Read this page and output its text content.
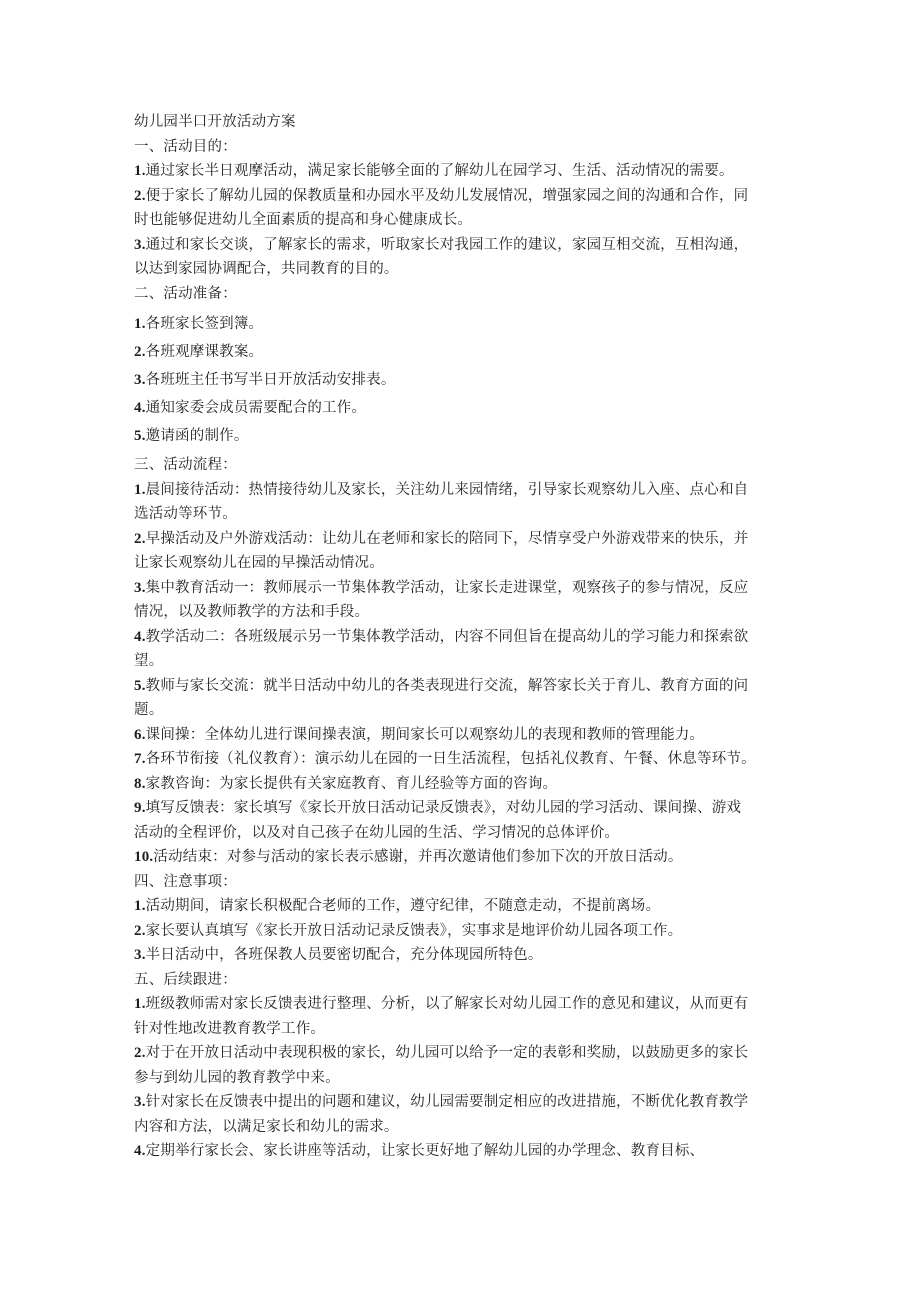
幼儿园半口开放活动方案
一、活动目的：
1.通过家长半日观摩活动，满足家长能够全面的了解幼儿在园学习、生活、活动情况的需要。
2.便于家长了解幼儿园的保教质量和办园水平及幼儿发展情况，增强家园之间的沟通和合作，同
时也能够促进幼儿全面素质的提高和身心健康成长。
3.通过和家长交谈，了解家长的需求，听取家长对我园工作的建议，家园互相交流，互相沟通，
以达到家园协调配合，共同教育的目的。
二、活动准备：
1.各班家长签到簿。
2.各班观摩课教案。
3.各班班主任书写半日开放活动安排表。
4.通知家委会成员需要配合的工作。
5.邀请函的制作。
三、活动流程：
1.晨间接待活动：热情接待幼儿及家长，关注幼儿来园情绪，引导家长观察幼儿入座、点心和自
选活动等环节。
2.早操活动及户外游戏活动：让幼儿在老师和家长的陪同下，尽情享受户外游戏带来的快乐，并
让家长观察幼儿在园的早操活动情况。
3.集中教育活动一：教师展示一节集体教学活动，让家长走进课堂，观察孩子的参与情况，反应
情况，以及教师教学的方法和手段。
4.教学活动二：各班级展示另一节集体教学活动，内容不同但旨在提高幼儿的学习能力和探索欲
望。
5.教师与家长交流：就半日活动中幼儿的各类表现进行交流，解答家长关于育儿、教育方面的问
题。
6.课间操：全体幼儿进行课间操表演，期间家长可以观察幼儿的表现和教师的管理能力。
7.各环节衔接（礼仪教育）：演示幼儿在园的一日生活流程，包括礼仪教育、午餐、休息等环节。
8.家教咨询：为家长提供有关家庭教育、育儿经验等方面的咨询。
9.填写反馈表：家长填写《家长开放日活动记录反馈表》，对幼儿园的学习活动、课间操、游戏
活动的全程评价，以及对自己孩子在幼儿园的生活、学习情况的总体评价。
10.活动结束：对参与活动的家长表示感谢，并再次邀请他们参加下次的开放日活动。
四、注意事项：
1.活动期间，请家长积极配合老师的工作，遵守纪律，不随意走动，不提前离场。
2.家长要认真填写《家长开放日活动记录反馈表》，实事求是地评价幼儿园各项工作。
3.半日活动中，各班保教人员要密切配合，充分体现园所特色。
五、后续跟进：
1.班级教师需对家长反馈表进行整理、分析，以了解家长对幼儿园工作的意见和建议，从而更有
针对性地改进教育教学工作。
2.对于在开放日活动中表现积极的家长，幼儿园可以给予一定的表彰和奖励，以鼓励更多的家长
参与到幼儿园的教育教学中来。
3.针对家长在反馈表中提出的问题和建议，幼儿园需要制定相应的改进措施，不断优化教育教学
内容和方法，以满足家长和幼儿的需求。
4.定期举行家长会、家长讲座等活动，让家长更好地了解幼儿园的办学理念、教育目标、
